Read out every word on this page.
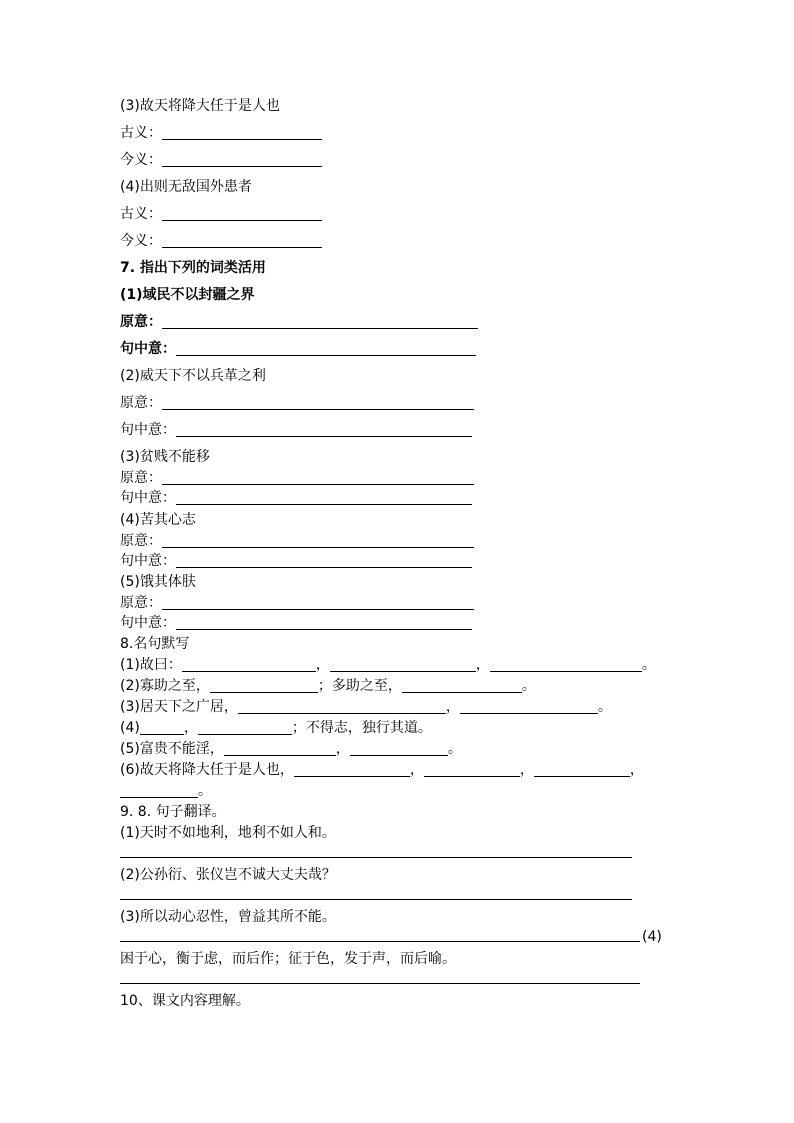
(3)故天将降大任于是人也
古义：
今义：
(4)出则无敌国外患者
古义：
今义：
7. 指出下列的词类活用
(1)域民不以封疆之界
原意：
句中意：
(2)威天下不以兵革之利
原意：
句中意：
(3)贫贱不能移
原意：
句中意：
(4)苦其心志
原意：
句中意：
(5)饿其体肤
原意：
句中意：
8.名句默写
(1)故曰：	，	，	。
(2)寡助之至，	；多助之至，	。
(3)居天下之广居，	，	。
(4)	，	；不得志，独行其道。
(5)富贵不能淫，	，	。
(6)故天将降大任于是人也，	，	，	，
。
9. 8. 句子翻译。
(1)天时不如地利，地利不如人和。
(2)公孙衍、张仪岂不诚大丈夫哉？
(3)所以动心忍性，曾益其所不能。
(4)
困于心，衡于虑，而后作；征于色，发于声，而后喻。
10、课文内容理解。
